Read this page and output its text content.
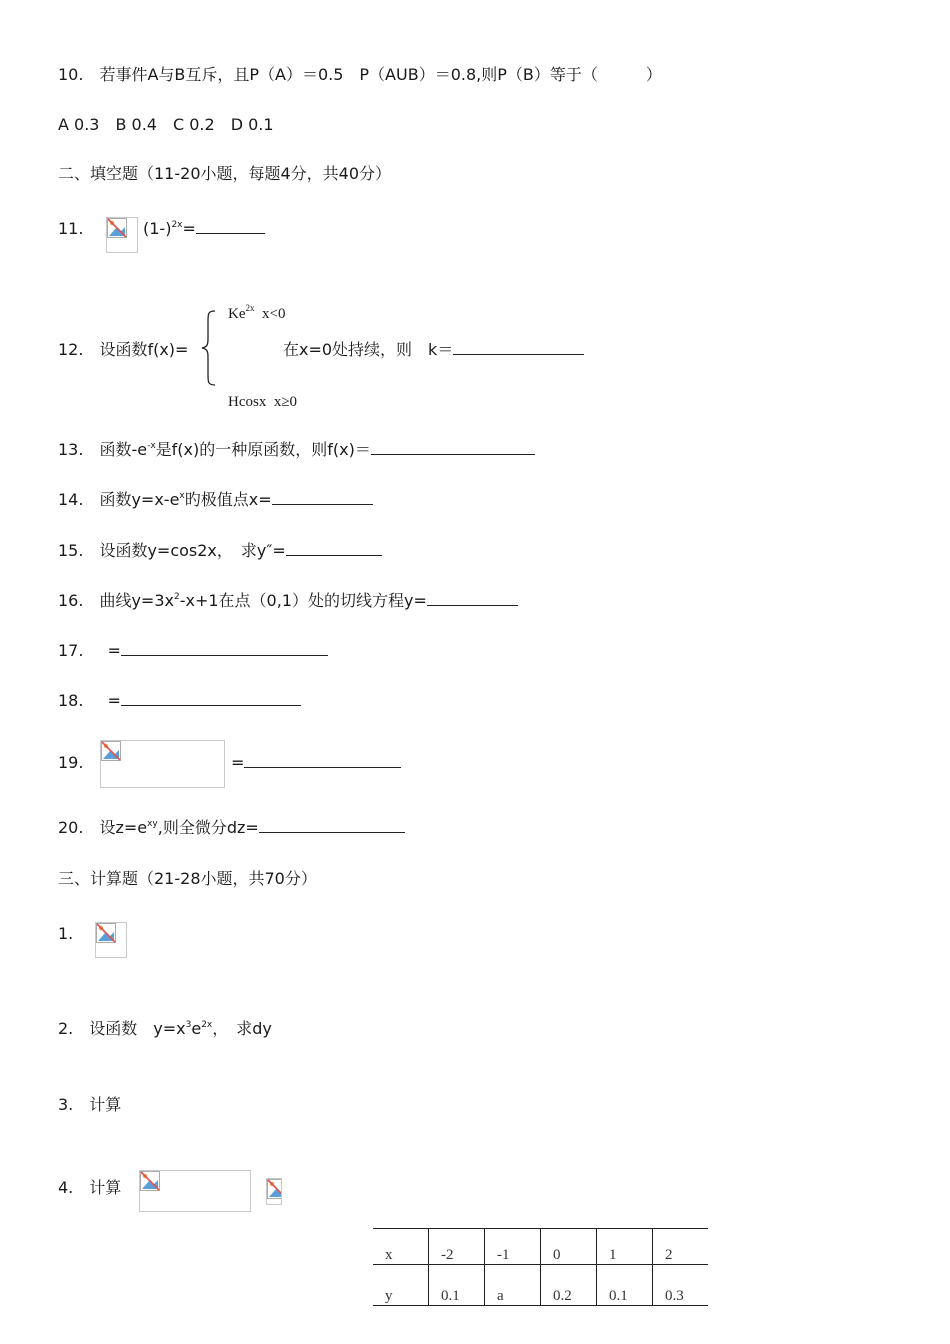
10.　若事件A与B互斥，且P（A）＝0.5　P（AUB）＝0.8,则P（B）等于（　　　）
A 0.3　B 0.4　C 0.2　D 0.1
二、填空题（11-20小题，每题4分，共40分）
11.	$(1-)^{2x}=$
12.　设函数f(x)=
$Ke^{2x}$ x<0
在x=0处持续，则　k＝
Hcosx x≥0
13.　函数$-e^{-x}$是f(x)的一种原函数，则f(x)＝
14.　函数$y=x-e^x$旳极值点x=
15.　设函数y=cos2x，　求y″=
16.　曲线$y=3x^2-x+1$在点（0,1）处的切线方程y=
17.　 =
18.　 =
19.	=
20.　设$z=e^{xy}$,则全微分dz=
三、计算题（21-28小题，共70分）
1.
2.　设函数　$y=x^3e^{2x}$，　求dy
3.　计算
4.　计算
x	-2	-1	0	1	2
y	0.1	a	0.2	0.1	0.3
